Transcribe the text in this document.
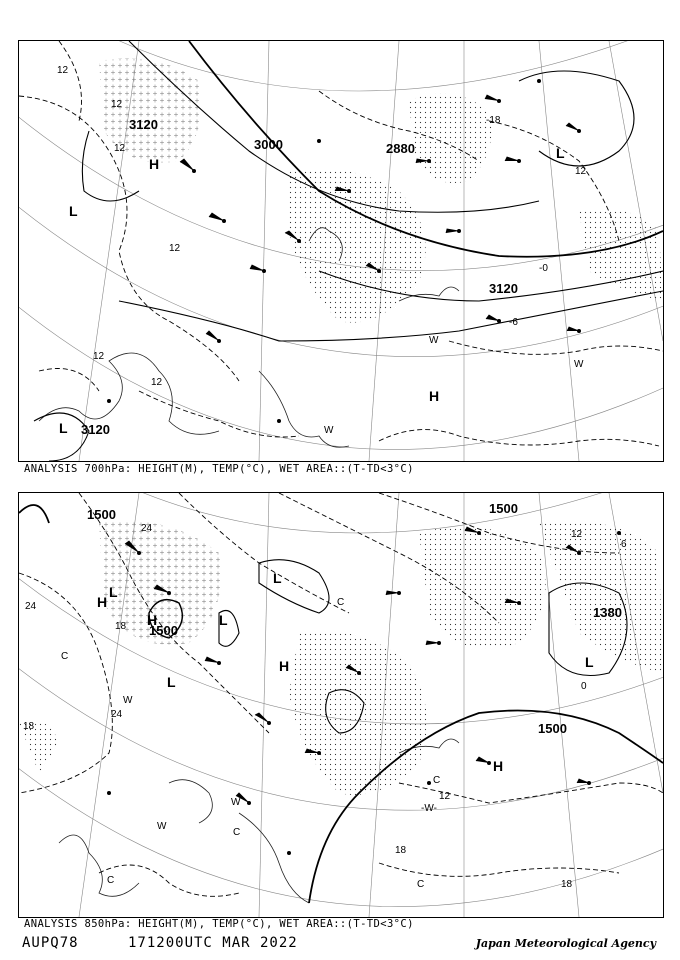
3120
3000	2880
3120
3120
12
12
12
12
-18
12
12
12
-0
-6
H
L
L
L
H
W
W
W
ANALYSIS 700hPa: HEIGHT(M), TEMP(°C), WET AREA::(T-TD<3°C)
1500
1500
1500
1380
1500
24
24
24
18
18
12
6
0
18
18
12
H
L
H	L
L
H
L
L
H
C
C
C
C
C
C
W
W
W
-W-
ANALYSIS 850hPa: HEIGHT(M), TEMP(°C), WET AREA::(T-TD<3°C)
AUPQ78	171200UTC MAR 2022	Japan Meteorological Agency
